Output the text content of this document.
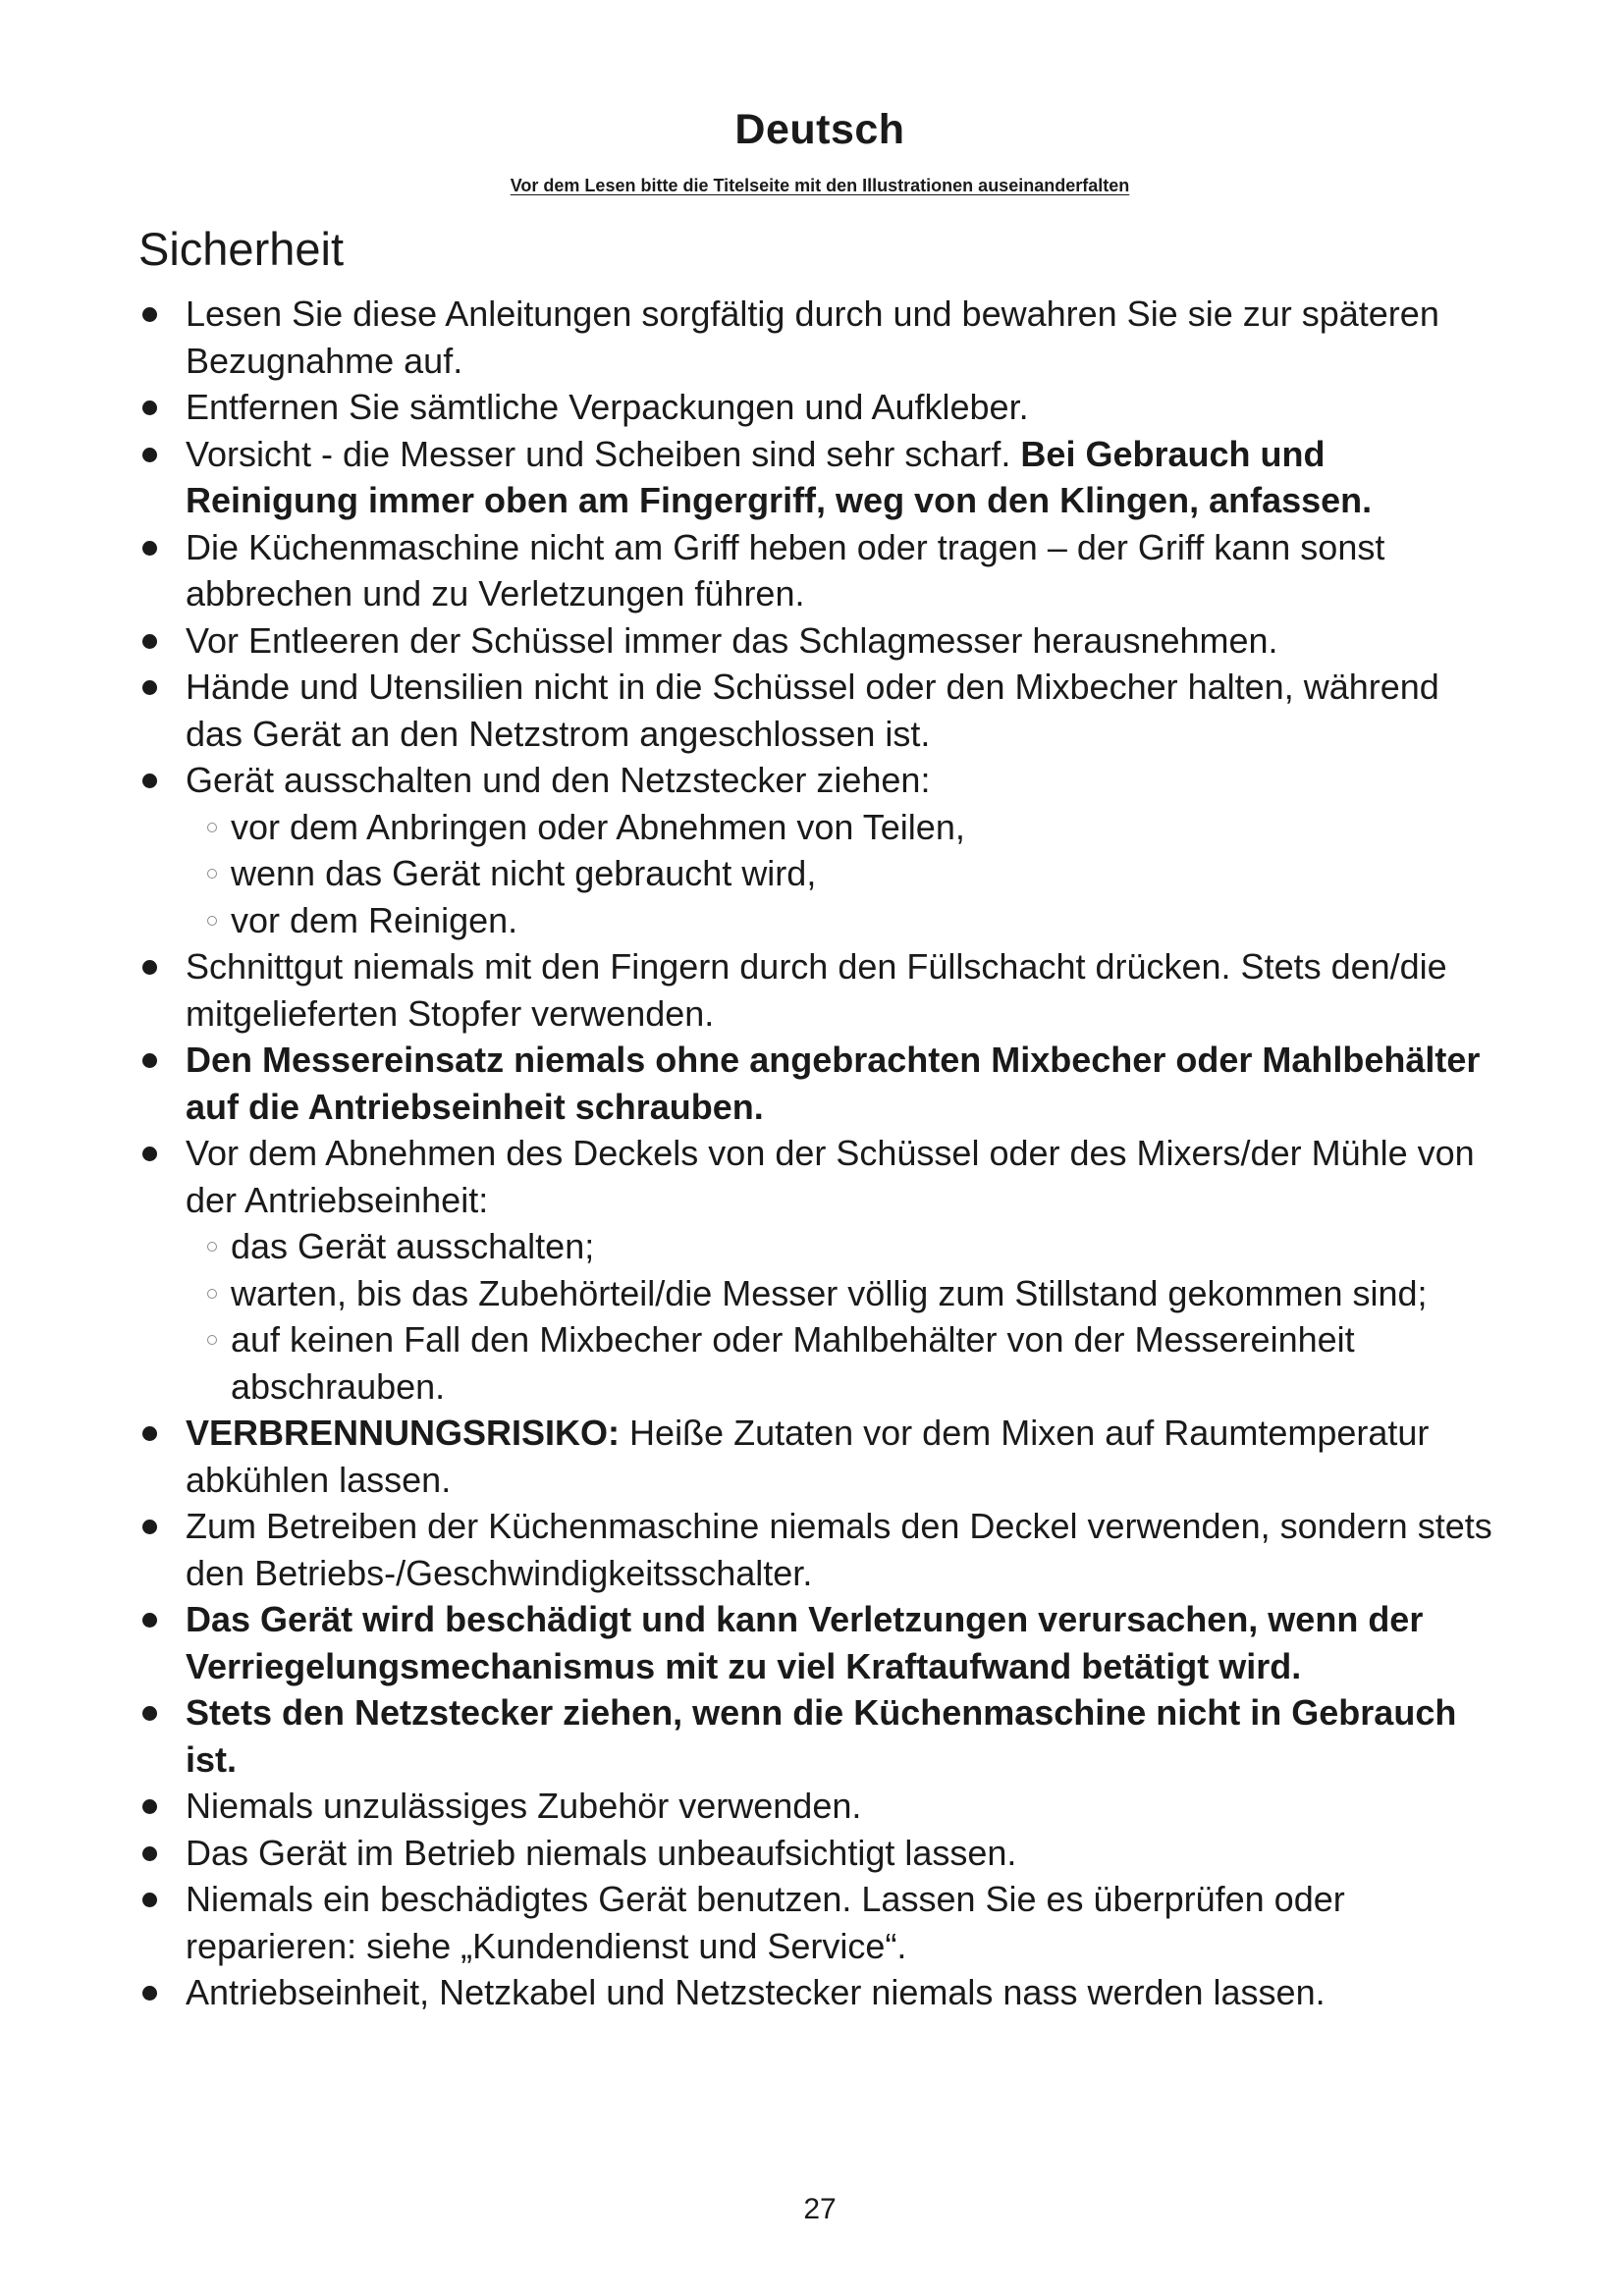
Deutsch
Vor dem Lesen bitte die Titelseite mit den Illustrationen auseinanderfalten
Sicherheit
Lesen Sie diese Anleitungen sorgfältig durch und bewahren Sie sie zur späteren Bezugnahme auf.
Entfernen Sie sämtliche Verpackungen und Aufkleber.
Vorsicht - die Messer und Scheiben sind sehr scharf. Bei Gebrauch und Reinigung immer oben am Fingergriff, weg von den Klingen, anfassen.
Die Küchenmaschine nicht am Griff heben oder tragen – der Griff kann sonst abbrechen und zu Verletzungen führen.
Vor Entleeren der Schüssel immer das Schlagmesser herausnehmen.
Hände und Utensilien nicht in die Schüssel oder den Mixbecher halten, während das Gerät an den Netzstrom angeschlossen ist.
Gerät ausschalten und den Netzstecker ziehen:
vor dem Anbringen oder Abnehmen von Teilen,
wenn das Gerät nicht gebraucht wird,
vor dem Reinigen.
Schnittgut niemals mit den Fingern durch den Füllschacht drücken. Stets den/die mitgelieferten Stopfer verwenden.
Den Messereinsatz niemals ohne angebrachten Mixbecher oder Mahlbehälter auf die Antriebseinheit schrauben.
Vor dem Abnehmen des Deckels von der Schüssel oder des Mixers/der Mühle von der Antriebseinheit:
das Gerät ausschalten;
warten, bis das Zubehörteil/die Messer völlig zum Stillstand gekommen sind;
auf keinen Fall den Mixbecher oder Mahlbehälter von der Messereinheit abschrauben.
VERBRENNUNGSRISIKO: Heiße Zutaten vor dem Mixen auf Raumtemperatur abkühlen lassen.
Zum Betreiben der Küchenmaschine niemals den Deckel verwenden, sondern stets den Betriebs-/Geschwindigkeitsschalter.
Das Gerät wird beschädigt und kann Verletzungen verursachen, wenn der Verriegelungsmechanismus mit zu viel Kraftaufwand betätigt wird.
Stets den Netzstecker ziehen, wenn die Küchenmaschine nicht in Gebrauch ist.
Niemals unzulässiges Zubehör verwenden.
Das Gerät im Betrieb niemals unbeaufsichtigt lassen.
Niemals ein beschädigtes Gerät benutzen. Lassen Sie es überprüfen oder reparieren: siehe „Kundendienst und Service“.
Antriebseinheit, Netzkabel und Netzstecker niemals nass werden lassen.
27
